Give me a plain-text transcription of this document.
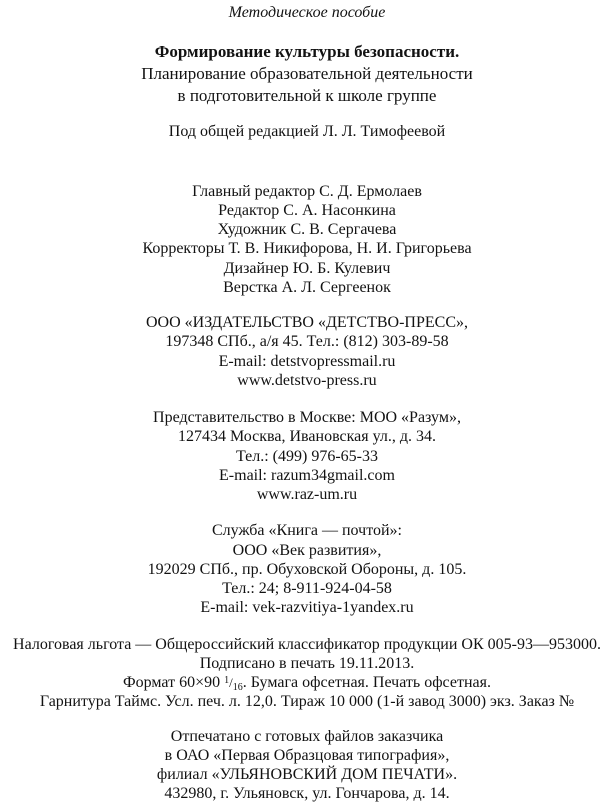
Методическое пособие
Формирование культуры безопасности.
Планирование образовательной деятельности
в подготовительной к школе группе
Под общей редакцией Л. Л. Тимофеевой
Главный редактор С. Д. Ермолаев
Редактор С. А. Насонкина
Художник С. В. Сергачева
Корректоры Т. В. Никифорова, Н. И. Григорьева
Дизайнер Ю. Б. Кулевич
Верстка А. Л. Сергеенок
ООО «ИЗДАТЕЛЬСТВО «ДЕТСТВО-ПРЕСС»,
197348 СПб., а/я 45. Тел.: (812) 303-89-58
E-mail: detstvopressmail.ru
www.detstvo-press.ru
Представительство в Москве: МОО «Разум»,
127434 Москва, Ивановская ул., д. 34.
Тел.: (499) 976-65-33
E-mail: razum34gmail.com
www.raz-um.ru
Служба «Книга — почтой»:
ООО «Век развития»,
192029 СПб., пр. Обуховской Обороны, д. 105.
Тел.: 24; 8-911-924-04-58
E-mail: vek-razvitiya-1yandex.ru
Налоговая льгота — Общероссийский классификатор продукции ОК 005-93—953000.
Подписано в печать 19.11.2013.
Формат 60×90 $^1/_{16}$. Бумага офсетная. Печать офсетная.
Гарнитура Таймс. Усл. печ. л. 12,0. Тираж 10 000 (1-й завод 3000) экз. Заказ №
Отпечатано с готовых файлов заказчика
в ОАО «Первая Образцовая типография»,
филиал «УЛЬЯНОВСКИЙ ДОМ ПЕЧАТИ».
432980, г. Ульяновск, ул. Гончарова, д. 14.
